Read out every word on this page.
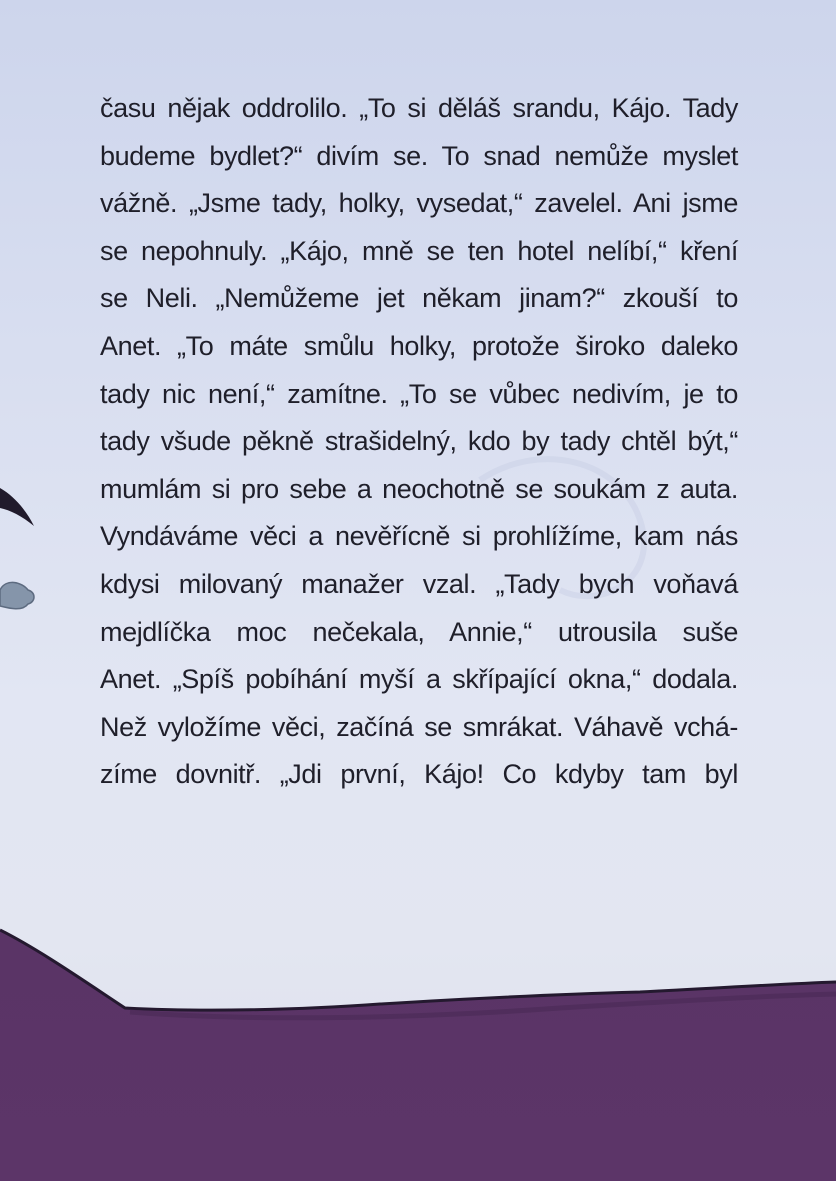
času nějak oddrolilo. „To si děláš srandu, Kájo. Tady
budeme bydlet?“ divím se. To snad nemůže myslet
vážně. „Jsme tady, holky, vysedat,“ zavelel. Ani jsme
se nepohnuly. „Kájo, mně se ten hotel nelíbí,“ kření
se Neli. „Nemůžeme jet někam jinam?“ zkouší to
Anet. „To máte smůlu holky, protože široko daleko
tady nic není,“ zamítne. „To se vůbec nedivím, je to
tady všude pěkně strašidelný, kdo by tady chtěl být,“
mumlám si pro sebe a neochotně se soukám z auta.
Vyndáváme věci a nevěřícně si prohlížíme, kam nás
kdysi milovaný manažer vzal. „Tady bych voňavá
mejdlíčka moc nečekala, Annie,“ utrousila suše
Anet. „Spíš pobíhání myší a skřípající okna,“ dodala.
Než vyložíme věci, začíná se smrákat. Váhavě vchá-
zíme dovnitř. „Jdi první, Kájo! Co kdyby tam byl
